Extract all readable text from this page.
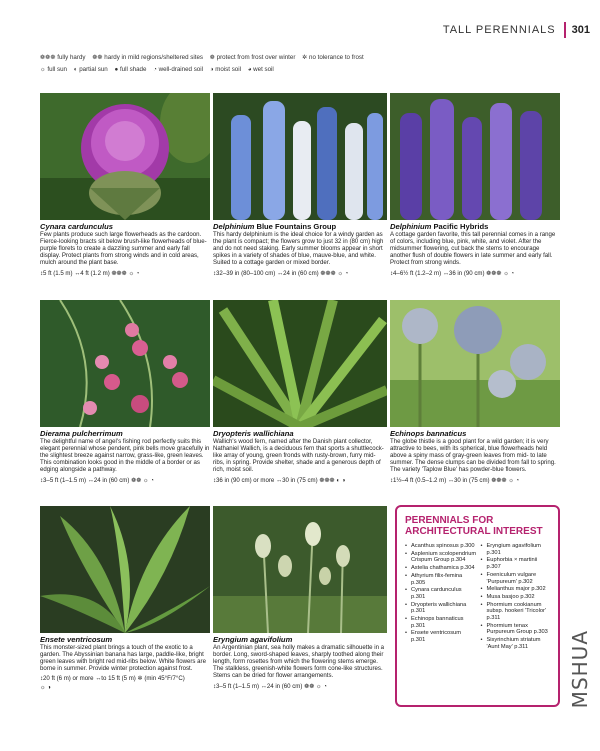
TALL PERENNIALS	301
❁❁❁ fully hardy ❁❁ hardy in mild regions/sheltered sites ❁ protect from frost over winter ✲ no tolerance to frost
☼ full sun ◐ partial sun ● full shade ◔ well-drained soil ◑ moist soil ◕ wet soil
Cynara cardunculus
Few plants produce such large flowerheads as the cardoon. Fierce-looking bracts sit below brush-like flowerheads of blue-purple florets to create a dazzling summer and early fall display. Protect plants from strong winds and in cold areas, mulch around the plant base.
↕5 ft (1.5 m) ↔4 ft (1.2 m) ❁❁❁ ☼ ◔
Delphinium Blue Fountains Group
This hardy delphinium is the ideal choice for a windy garden as the plant is compact; the flowers grow to just 32 in (80 cm) high and do not need staking. Early summer blooms appear in short spikes in a variety of shades of blue, mauve-blue, and white. Suited to a cottage garden or mixed border.
↕32–39 in (80–100 cm) ↔24 in (60 cm) ❁❁❁ ☼ ◔
Delphinium Pacific Hybrids
A cottage garden favorite, this tall perennial comes in a range of colors, including blue, pink, white, and violet. After the midsummer flowering, cut back the stems to encourage another flush of double flowers in late summer and early fall. Protect from strong winds.
↕4–6½ ft (1.2–2 m) ↔36 in (90 cm) ❁❁❁ ☼ ◔
Dierama pulcherrimum
The delightful name of angel's fishing rod perfectly suits this elegant perennial whose pendent, pink bells move gracefully in the slightest breeze against narrow, grass-like, green leaves. This combination looks good in the middle of a border or as edging alongside a pathway.
↕3–5 ft (1–1.5 m) ↔24 in (60 cm) ❁❁ ☼ ◔
Dryopteris wallichiana
Wallich's wood fern, named after the Danish plant collector, Nathaniel Wallich, is a deciduous fern that sports a shuttlecock-like array of young, green fronds with rusty-brown, furry mid-ribs, in spring. Provide shelter, shade and a generous depth of rich, moist soil.
↕36 in (90 cm) or more ↔30 in (75 cm) ❁❁❁ ◐ ◑
Echinops bannaticus
The globe thistle is a good plant for a wild garden; it is very attractive to bees, with its spherical, blue flowerheads held above a spiny mass of gray-green leaves from mid- to late summer. The dense clumps can be divided from fall to spring. The variety 'Taplow Blue' has powder-blue flowers.
↕1½–4 ft (0.5–1.2 m) ↔30 in (75 cm) ❁❁❁ ☼ ◔
Ensete ventricosum
This monster-sized plant brings a touch of the exotic to a garden. The Abyssinian banana has large, paddle-like, bright green leaves with bright red mid-ribs below. White flowers are borne in summer. Provide winter protection against frost.
↕20 ft (6 m) or more ↔to 15 ft (5 m) ✲ (min 45°F/7°C)
☼ ◑
Eryngium agavifolium
An Argentinian plant, sea holly makes a dramatic silhouette in a border. Long, sword-shaped leaves, sharply toothed along their length, form rosettes from which the flowering stems emerge. The stalkless, greenish-white flowers form cone-like structures. Stems can be dried for flower arrangements.
↕3–5 ft (1–1.5 m) ↔24 in (60 cm) ❁❁ ☼ ◔
PERENNIALS FOR ARCHITECTURAL INTEREST
• Acanthus spinosus p.300
• Asplenium scolopendrium Crispum Group p.304
• Astelia chathamica p.304
• Athyrium filix-femina p.305
• Cynara cardunculus p.301
• Dryopteris wallichiana p.301
• Echinops bannaticus p.301
• Ensete ventricosum p.301
• Eryngium agavifolium p.301
• Euphorbia × martinii p.307
• Foeniculum vulgare 'Purpureum' p.302
• Melianthus major p.302
• Musa basjoo p.302
• Phormium cookianum subsp. hookeri 'Tricolor' p.311
• Phormium tenax Purpureum Group p.303
• Sisyrinchium striatum 'Aunt May' p.311	MSHUA
